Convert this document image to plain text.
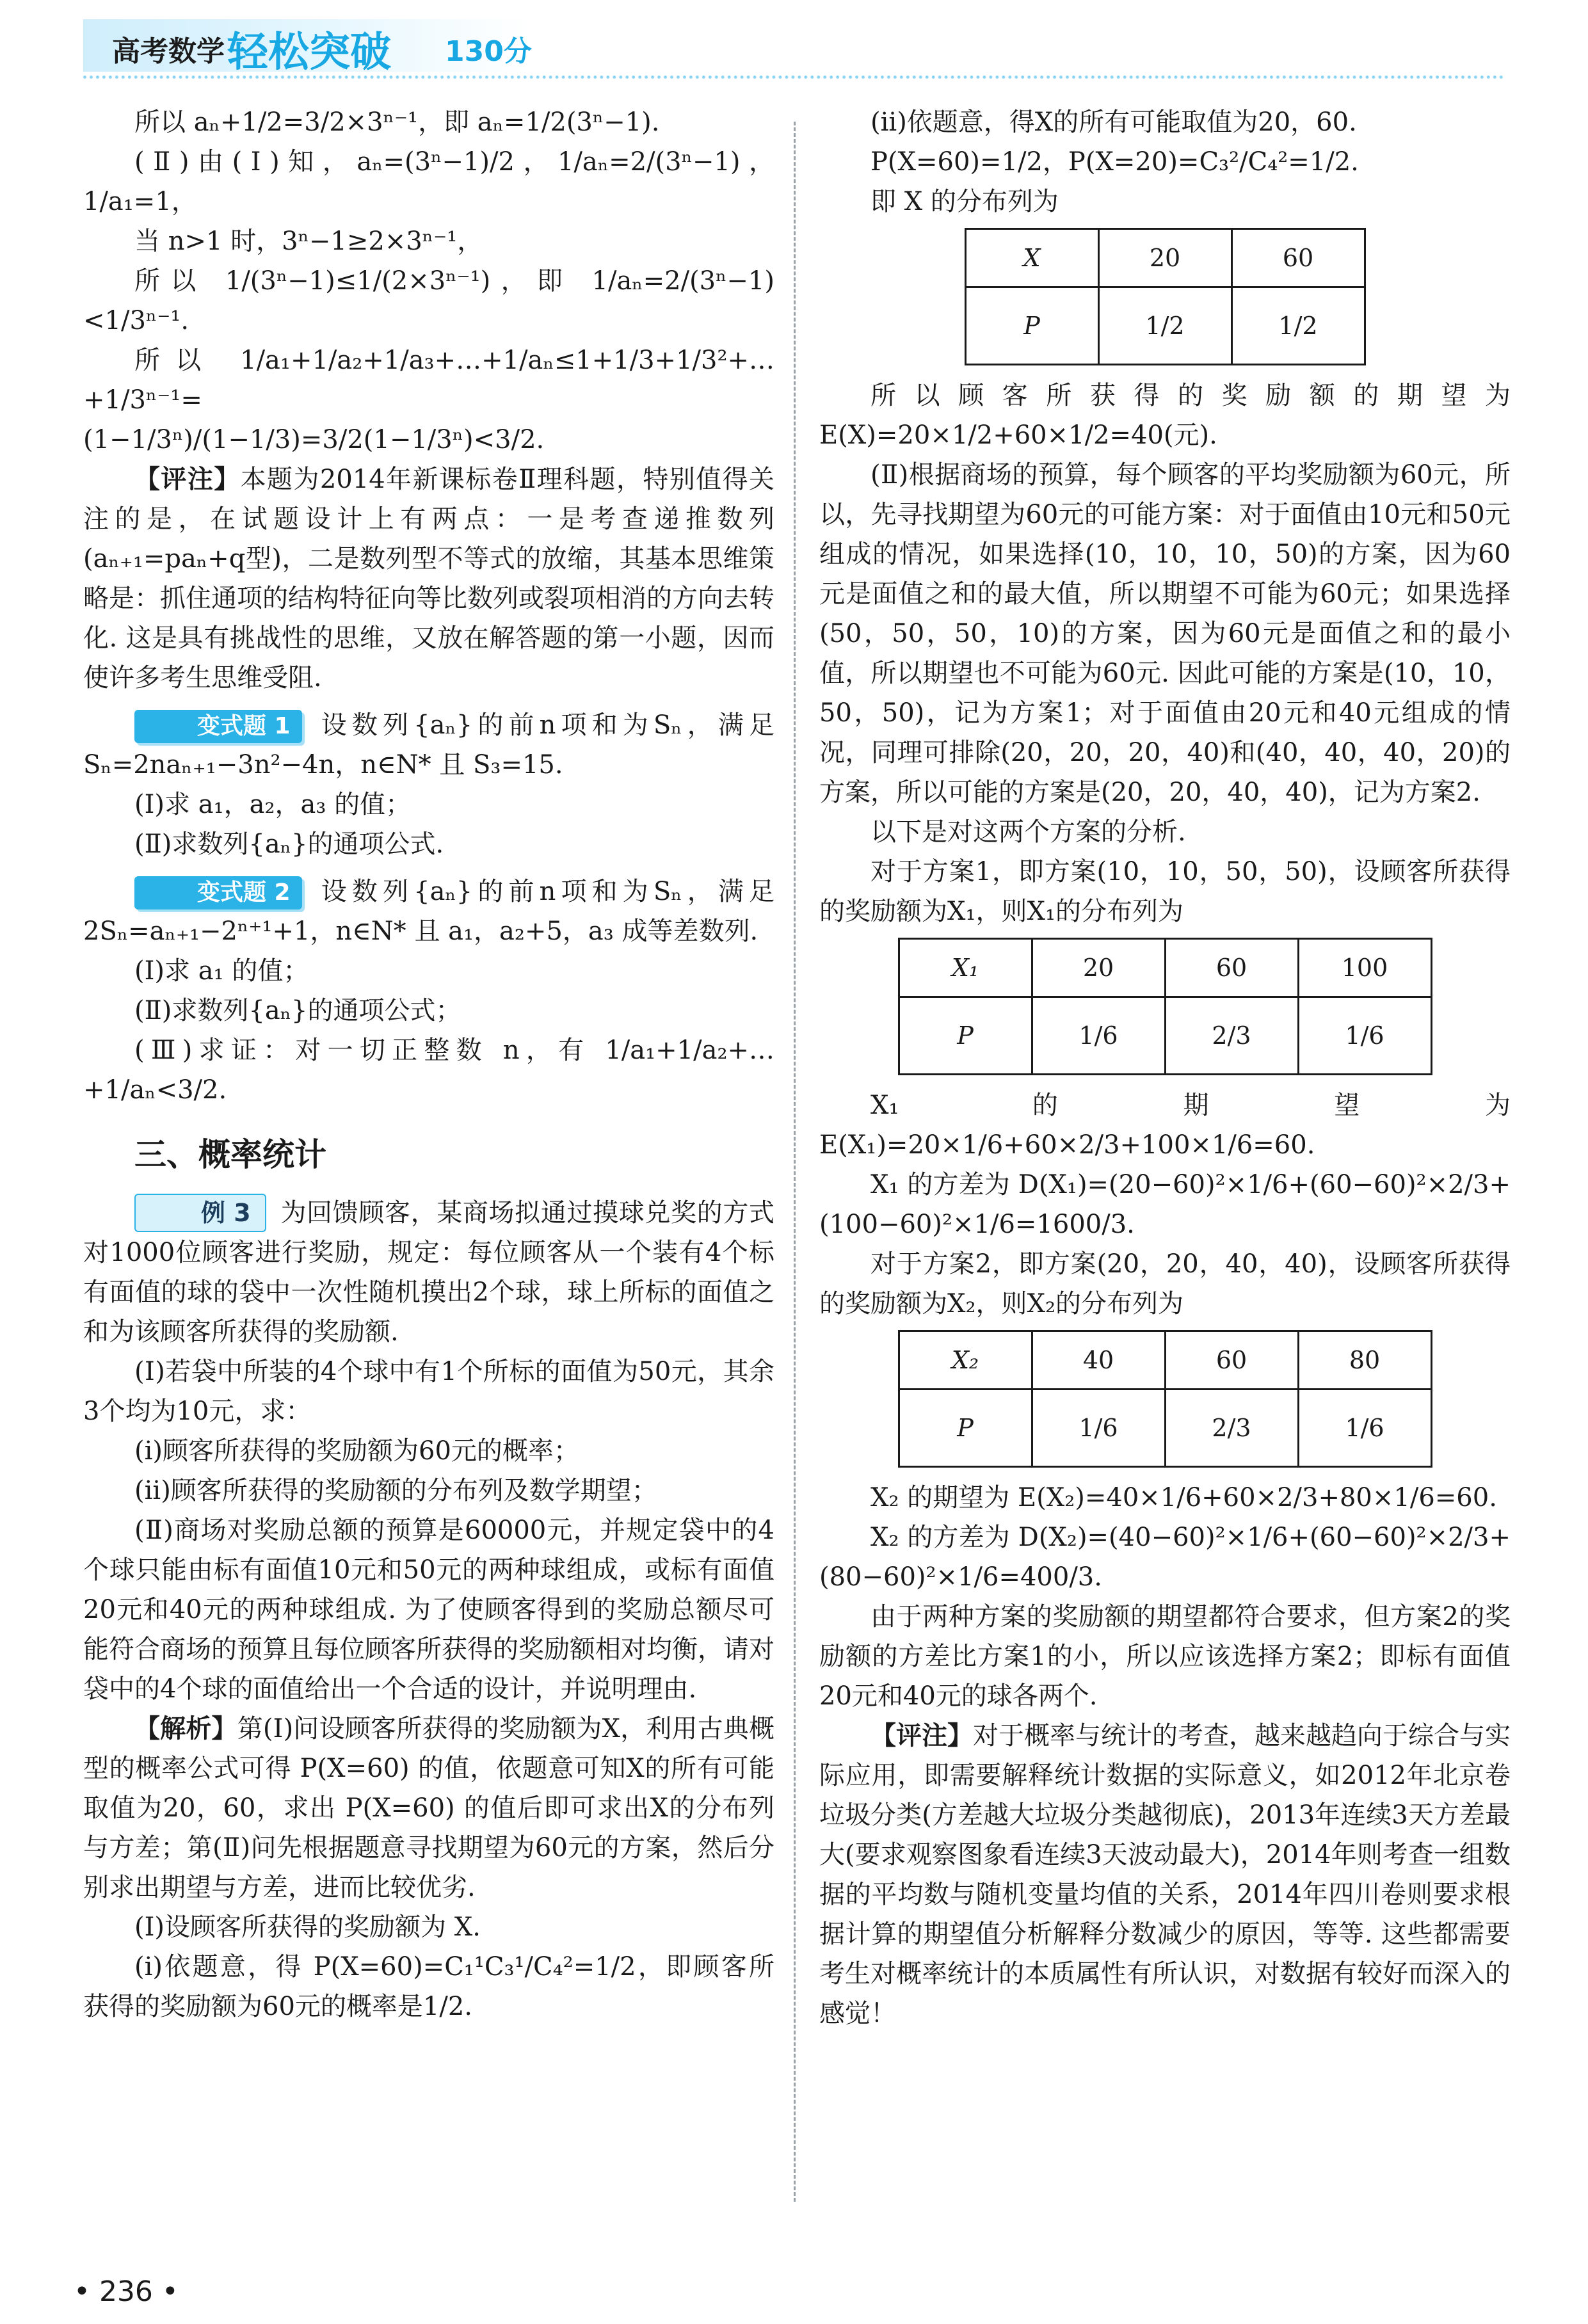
高考数学 轻松突破 130分

所以 aₙ+1/2=3/2×3ⁿ⁻¹，即 aₙ=1/2(3ⁿ−1).

(Ⅱ)由(Ⅰ)知，aₙ=(3ⁿ−1)/2，1/aₙ=2/(3ⁿ−1)，1/a₁=1，

当 n>1 时，3ⁿ−1≥2×3ⁿ⁻¹，

所以 1/(3ⁿ−1)≤1/(2×3ⁿ⁻¹)，即 1/aₙ=2/(3ⁿ−1)<1/3ⁿ⁻¹.

所以 1/a₁+1/a₂+1/a₃+…+1/aₙ≤1+1/3+1/3²+…+1/3ⁿ⁻¹=

(1−1/3ⁿ)/(1−1/3)=3/2(1−1/3ⁿ)<3/2.

【评注】本题为2014年新课标卷Ⅱ理科题，特别值得关注的是，在试题设计上有两点：一是考查递推数列(aₙ₊₁=paₙ+q型)，二是数列型不等式的放缩，其基本思维策略是：抓住通项的结构特征向等比数列或裂项相消的方向去转化. 这是具有挑战性的思维，又放在解答题的第一小题，因而使许多考生思维受阻.

变式题 1 设数列{aₙ}的前n项和为Sₙ，满足Sₙ=2naₙ₊₁−3n²−4n，n∈N* 且 S₃=15.

(Ⅰ)求 a₁，a₂，a₃ 的值；

(Ⅱ)求数列{aₙ}的通项公式.

变式题 2 设数列{aₙ}的前n项和为Sₙ，满足2Sₙ=aₙ₊₁−2ⁿ⁺¹+1，n∈N* 且 a₁，a₂+5，a₃ 成等差数列.

(Ⅰ)求 a₁ 的值；

(Ⅱ)求数列{aₙ}的通项公式；

(Ⅲ)求证：对一切正整数 n，有 1/a₁+1/a₂+…+1/aₙ<3/2.

三、概率统计

例 3 为回馈顾客，某商场拟通过摸球兑奖的方式对1000位顾客进行奖励，规定：每位顾客从一个装有4个标有面值的球的袋中一次性随机摸出2个球，球上所标的面值之和为该顾客所获得的奖励额.

(Ⅰ)若袋中所装的4个球中有1个所标的面值为50元，其余3个均为10元，求：

(i)顾客所获得的奖励额为60元的概率；

(ii)顾客所获得的奖励额的分布列及数学期望；

(Ⅱ)商场对奖励总额的预算是60000元，并规定袋中的4个球只能由标有面值10元和50元的两种球组成，或标有面值20元和40元的两种球组成. 为了使顾客得到的奖励总额尽可能符合商场的预算且每位顾客所获得的奖励额相对均衡，请对袋中的4个球的面值给出一个合适的设计，并说明理由.

【解析】第(Ⅰ)问设顾客所获得的奖励额为X，利用古典概型的概率公式可得 P(X=60) 的值，依题意可知X的所有可能取值为20，60，求出 P(X=60) 的值后即可求出X的分布列与方差；第(Ⅱ)问先根据题意寻找期望为60元的方案，然后分别求出期望与方差，进而比较优劣.

(Ⅰ)设顾客所获得的奖励额为 X.

(i)依题意，得 P(X=60)=C₁¹C₃¹/C₄²=1/2，即顾客所获得的奖励额为60元的概率是1/2.

(ii)依题意，得X的所有可能取值为20，60.

P(X=60)=1/2，P(X=20)=C₃²/C₄²=1/2.

即 X 的分布列为

X	20	60
P	1/2	1/2

所以顾客所获得的奖励额的期望为 E(X)=20×1/2+60×1/2=40(元).

(Ⅱ)根据商场的预算，每个顾客的平均奖励额为60元，所以，先寻找期望为60元的可能方案：对于面值由10元和50元组成的情况，如果选择(10，10，10，50)的方案，因为60元是面值之和的最大值，所以期望不可能为60元；如果选择(50，50，50，10)的方案，因为60元是面值之和的最小值，所以期望也不可能为60元. 因此可能的方案是(10，10，50，50)，记为方案1；对于面值由20元和40元组成的情况，同理可排除(20，20，20，40)和(40，40，40，20)的方案，所以可能的方案是(20，20，40，40)，记为方案2.

以下是对这两个方案的分析.

对于方案1，即方案(10，10，50，50)，设顾客所获得的奖励额为X₁，则X₁的分布列为

X₁	20	60	100
P	1/6	2/3	1/6

X₁ 的期望为 E(X₁)=20×1/6+60×2/3+100×1/6=60.

X₁ 的方差为 D(X₁)=(20−60)²×1/6+(60−60)²×2/3+(100−60)²×1/6=1600/3.

对于方案2，即方案(20，20，40，40)，设顾客所获得的奖励额为X₂，则X₂的分布列为

X₂	40	60	80
P	1/6	2/3	1/6

X₂ 的期望为 E(X₂)=40×1/6+60×2/3+80×1/6=60.

X₂ 的方差为 D(X₂)=(40−60)²×1/6+(60−60)²×2/3+(80−60)²×1/6=400/3.

由于两种方案的奖励额的期望都符合要求，但方案2的奖励额的方差比方案1的小，所以应该选择方案2；即标有面值20元和40元的球各两个.

【评注】对于概率与统计的考查，越来越趋向于综合与实际应用，即需要解释统计数据的实际意义，如2012年北京卷垃圾分类(方差越大垃圾分类越彻底)，2013年连续3天方差最大(要求观察图象看连续3天波动最大)，2014年则考查一组数据的平均数与随机变量均值的关系，2014年四川卷则要求根据计算的期望值分析解释分数减少的原因，等等. 这些都需要考生对概率统计的本质属性有所认识，对数据有较好而深入的感觉！

• 236 •
